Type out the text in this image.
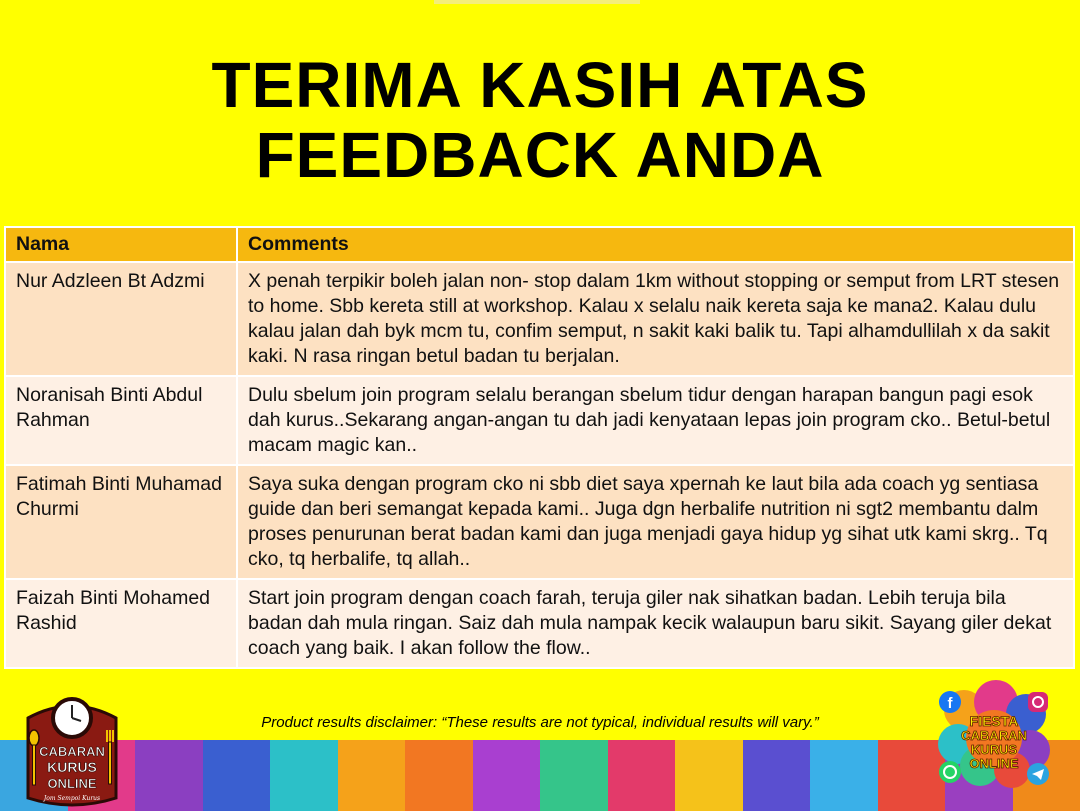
TERIMA KASIH ATAS
FEEDBACK ANDA
Nama	Comments
Nur Adzleen Bt Adzmi	X penah terpikir boleh jalan non- stop dalam 1km without stopping or semput from LRT stesen to home. Sbb kereta still at workshop. Kalau x selalu naik kereta saja ke mana2. Kalau dulu kalau jalan dah byk mcm tu, confim semput, n sakit kaki balik tu. Tapi alhamdullilah x da sakit kaki. N rasa ringan betul badan tu berjalan.
Noranisah Binti Abdul Rahman	Dulu sbelum join program selalu berangan sbelum tidur dengan harapan bangun pagi esok dah kurus..Sekarang angan-angan tu dah jadi kenyataan lepas join program cko.. Betul-betul macam magic kan..
Fatimah Binti Muhamad Churmi	Saya suka dengan program cko ni sbb diet saya xpernah ke laut bila ada coach yg sentiasa guide dan beri semangat kepada kami.. Juga dgn herbalife nutrition ni sgt2 membantu dalm proses penurunan berat badan kami dan juga menjadi gaya hidup yg sihat utk kami skrg.. Tq cko, tq herbalife, tq allah..
Faizah Binti Mohamed Rashid	Start join program dengan coach farah, teruja giler nak sihatkan badan. Lebih teruja bila badan dah mula ringan. Saiz dah mula nampak kecik walaupun baru sikit. Sayang giler dekat coach yang baik. I akan follow the flow..
Product results disclaimer: “These results are not typical, individual results will vary.”
CABARAN
KURUS
ONLINE
Jom Sempoi Kurus
FIESTA
CABARAN
KURUS
ONLINE
f
